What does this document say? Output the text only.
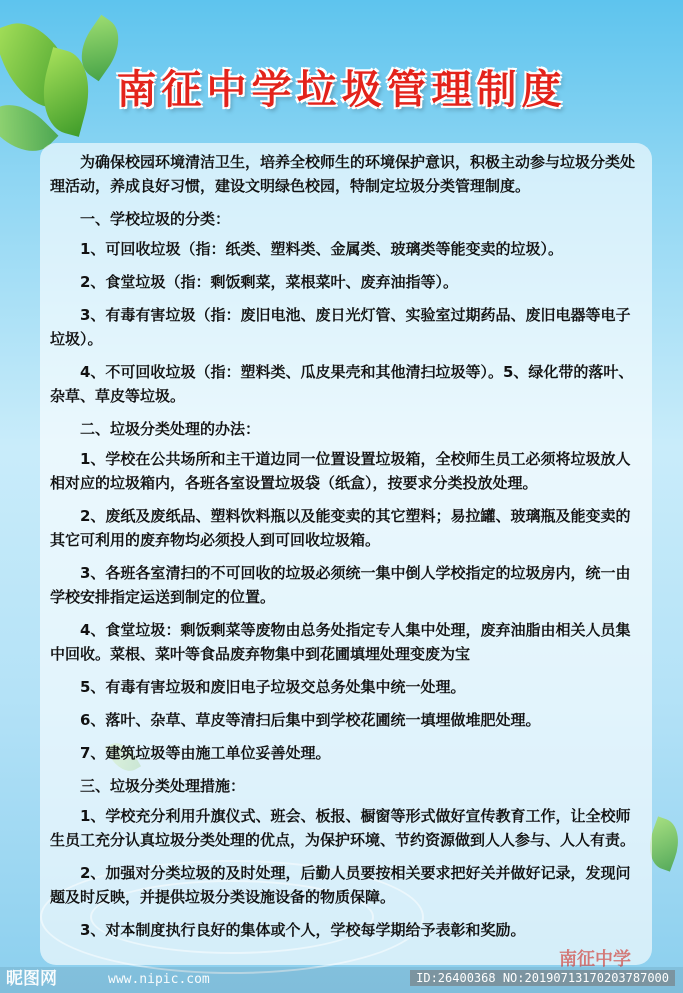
南征中学垃圾管理制度

为确保校园环境清洁卫生，培养全校师生的环境保护意识，积极主动参与垃圾分类处理活动，养成良好习惯，建设文明绿色校园，特制定垃圾分类管理制度。

一、学校垃圾的分类：

1、可回收垃圾（指：纸类、塑料类、金属类、玻璃类等能变卖的垃圾）。

2、食堂垃圾（指：剩饭剩菜，菜根菜叶、废弃油指等）。

3、有毒有害垃圾（指：废旧电池、废日光灯管、实验室过期药品、废旧电器等电子垃圾）。

4、不可回收垃圾（指：塑料类、瓜皮果壳和其他清扫垃圾等）。5、绿化带的落叶、杂草、草皮等垃圾。

二、垃圾分类处理的办法：

1、学校在公共场所和主干道边同一位置设置垃圾箱，全校师生员工必须将垃圾放人相对应的垃圾箱内，各班各室设置垃圾袋（纸盒），按要求分类投放处理。

2、废纸及废纸品、塑料饮料瓶以及能变卖的其它塑料；易拉罐、玻璃瓶及能变卖的其它可利用的废弃物均必须投人到可回收垃圾箱。

3、各班各室清扫的不可回收的垃圾必须统一集中倒人学校指定的垃圾房内，统一由学校安排指定运送到制定的位置。

4、食堂垃圾：剩饭剩菜等废物由总务处指定专人集中处理，废弃油脂由相关人员集中回收。菜根、菜叶等食品废弃物集中到花圃填埋处理变废为宝

5、有毒有害垃圾和废旧电子垃圾交总务处集中统一处理。

6、落叶、杂草、草皮等清扫后集中到学校花圃统一填埋做堆肥处理。

7、建筑垃圾等由施工单位妥善处理。

三、垃圾分类处理措施：

1、学校充分利用升旗仪式、班会、板报、橱窗等形式做好宣传教育工作，让全校师生员工充分认真垃圾分类处理的优点，为保护环境、节约资源做到人人参与、人人有责。

2、加强对分类垃圾的及时处理，后勤人员要按相关要求把好关并做好记录，发现问题及时反映，并提供垃圾分类设施设备的物质保障。

3、对本制度执行良好的集体或个人，学校每学期给予表彰和奖励。

南征中学
昵图网	www.nipic.com	ID:26400368 NO:20190713170203787000
